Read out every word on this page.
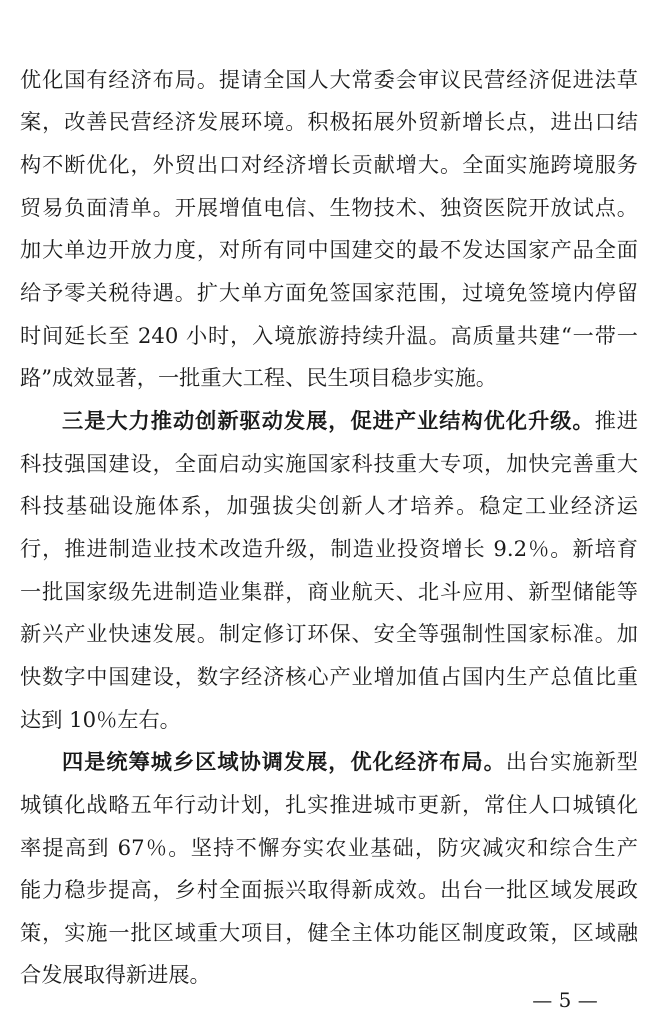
优化国有经济布局。提请全国人大常委会审议民营经济促进法草
案，改善民营经济发展环境。积极拓展外贸新增长点，进出口结
构不断优化，外贸出口对经济增长贡献增大。全面实施跨境服务
贸易负面清单。开展增值电信、生物技术、独资医院开放试点。
加大单边开放力度，对所有同中国建交的最不发达国家产品全面
给予零关税待遇。扩大单方面免签国家范围，过境免签境内停留
时间延长至 240 小时，入境旅游持续升温。高质量共建“一带一
路”成效显著，一批重大工程、民生项目稳步实施。
三是大力推动创新驱动发展，促进产业结构优化升级。推进
科技强国建设，全面启动实施国家科技重大专项，加快完善重大
科技基础设施体系，加强拔尖创新人才培养。稳定工业经济运
行，推进制造业技术改造升级，制造业投资增长 9.2％。新培育
一批国家级先进制造业集群，商业航天、北斗应用、新型储能等
新兴产业快速发展。制定修订环保、安全等强制性国家标准。加
快数字中国建设，数字经济核心产业增加值占国内生产总值比重
达到 10％左右。
四是统筹城乡区域协调发展，优化经济布局。出台实施新型
城镇化战略五年行动计划，扎实推进城市更新，常住人口城镇化
率提高到 67％。坚持不懈夯实农业基础，防灾减灾和综合生产
能力稳步提高，乡村全面振兴取得新成效。出台一批区域发展政
策，实施一批区域重大项目，健全主体功能区制度政策，区域融
合发展取得新进展。
— 5 —
